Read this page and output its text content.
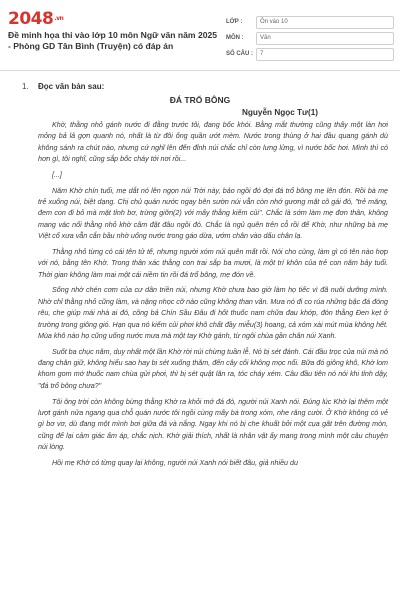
$2048^{.vn}$
Đề minh họa thi vào lớp 10 môn Ngữ văn năm 2025 - Phòng GD Tân Bình (Truyện) có đáp án
LỚP :	Ôn vào 10
MÔN :	Văn
SỐ CÂU :	7
1. Đọc văn bản sau:
ĐÁ TRỔ BÔNG
Nguyễn Ngọc Tư(1)

Khờ, thằng nhỏ gánh nước đi đằng trước tôi, đang bốc khói. Bằng mắt thường cũng thấy một làn hơi mỏng bả lả gợn quanh nó, nhất là từ đôi ống quần ướt mèm. Nước trong thùng ở hai đầu quang gánh dù không sánh ra chút nào, nhưng cứ nghĩ lên đến đỉnh núi chắc chỉ còn lưng lửng, vì nước bốc hơi. Mình thì có hơn gì, tôi nghĩ, cũng sắp bốc cháy tới nơi rồi...

[...]

Năm Khờ chín tuổi, mẹ dắt nó lên ngọn núi Trời này, bảo ngồi đó đợi đá trổ bông mẹ lên đón. Rồi bà mẹ trẻ xuống núi, biệt dạng. Chị chủ quán nước ngay bên sườn núi vẫn còn nhớ gương mặt cô gái đó, "trẻ măng, đem con đi bỏ mà mặt tỉnh bơ, trừng giỡn(2) với mấy thằng kiếm củi". Chắc là sớm làm mẹ đơn thân, không mang vác nổi thằng nhỏ khờ câm đặt đâu ngồi đó. Chắc là ngủ quên trên cỗ rồi để Khờ, như những bà mẹ Việt cổ xưa vẫn cắn bầu nhờ uống nước trong gáo dừa, ướm chân vào dấu chân lạ.

Thằng nhỏ từng có cái tên tử tế, nhưng người xóm núi quên mất rồi. Nói cho cùng, làm gì có tên nào hợp với nó, bằng tên Khờ. Trong thân xác thằng con trai sắp ba mươi, là một trí khôn của trẻ con năm bảy tuổi. Thời gian không làm mai một cái niềm tin rồi đá trổ bông, mẹ đón về.

Sống nhờ chén cơm của cư dân triền núi, nhưng Khờ chưa bao giờ làm họ tiếc vì đã nuôi dưỡng mình. Nhờ chỉ thằng nhỏ cũng làm, và nặng nhọc cỡ nào cũng không than vãn. Mưa nó đi co rúa những bậc đá đóng rêu, che giúp mái nhà ai đó, công bả Chín Sầu Đâu đi hốt thuốc nam chữa đau khớp, đón thằng Đen kẹt ở trường trong giông gió. Hạn qua nó kiếm củi phơi khô chất đầy miễu(3) hoang, cả xóm xài mút mùa không hết. Mùa khô nào họ cũng uống nước mưa mà một tay Khờ gánh, từ ngôi chùa gần chân núi Xanh.

Suốt ba chục năm, duy nhất một lần Khờ rời núi chừng tuần lễ. Nó bị sét đánh. Cái đầu trọc của núi mà nó đang chăn giữ, không hiểu sao hay bị sét xuống thăm, đến cây cối không mọc nổi. Bữa đó giông khô, Khờ lom khom gom mớ thuốc nam chùa gửi phơi, thì bị sét quật lăn ra, tóc cháy xém. Câu đầu tiên nó nói khi tỉnh dậy, "đá trổ bông chưa?"

Tôi ông trời còn không bừng thằng Khờ ra khỏi mớ đá đó, người núi Xanh nói. Đúng lúc Khờ lại thêm một lượt gánh nửa ngang qua chỗ quán nước tôi ngồi cùng mấy bà trong xóm, nhe răng cười. Ở Khờ không có vẻ gì bơ vơ, dù đang một mình bơi giữa đá và nắng. Ngay khi nó bị che khuất bởi một cụa gãt trên đường mòn, cũng để lại cảm giác ấm áp, chắc nịch. Khờ giải thích, nhất là nhân vật ấy mang trong mình một câu chuyện núi lòng.

Hồi mẹ Khờ có từng quay lại không, người núi Xanh nói biết đâu, giả nhiều du
